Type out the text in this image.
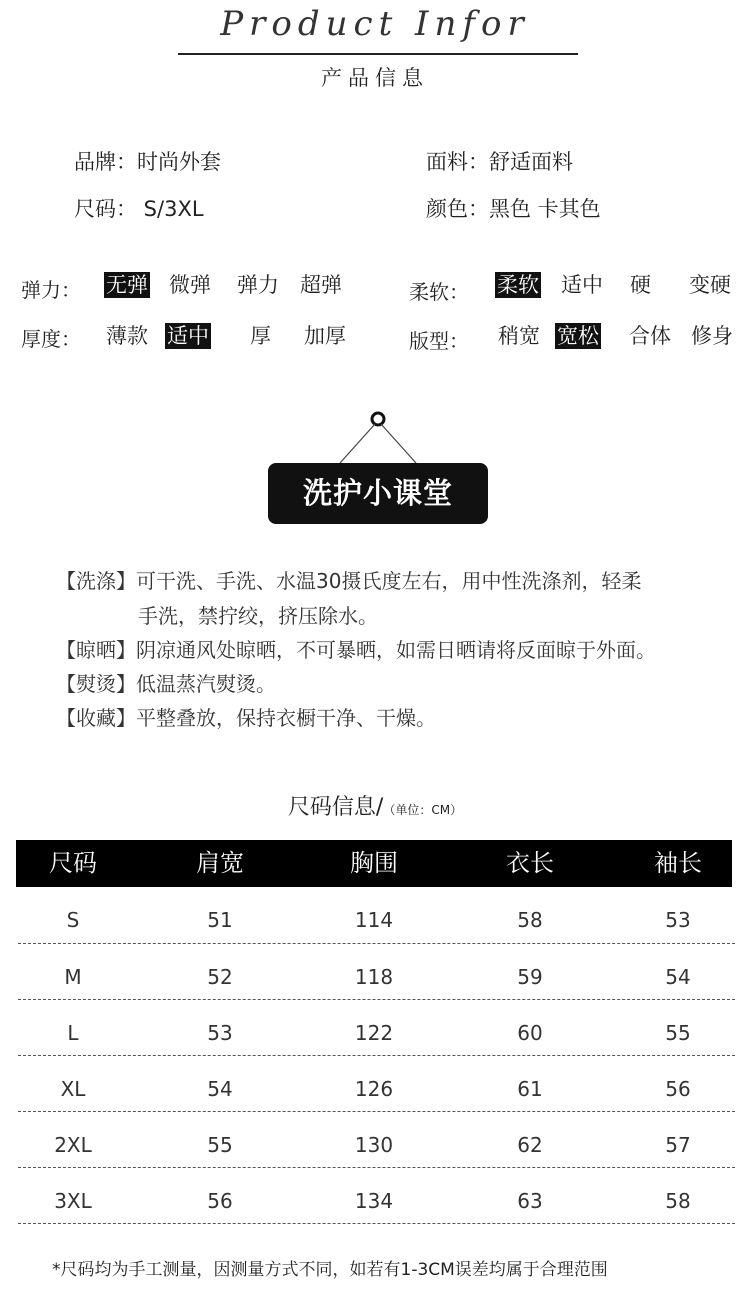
Product Infor
产品信息
品牌：时尚外套	面料：舒适面料
尺码： S/3XL	颜色：黑色 卡其色
弹力： 无弹 微弹 弹力 超弹	柔软： 柔软 适中 硬 变硬
厚度： 薄款 适中 厚 加厚	版型： 稍宽 宽松 合体 修身
洗护小课堂
【洗涤】可干洗、手洗、水温30摄氏度左右，用中性洗涤剂，轻柔
手洗，禁拧绞，挤压除水。
【晾晒】阴凉通风处晾晒，不可暴晒，如需日晒请将反面晾于外面。
【熨烫】低温蒸汽熨烫。
【收藏】平整叠放，保持衣橱干净、干燥。
尺码信息/（单位：CM）
尺码	肩宽	胸围	衣长	袖长
S	51	114	58	53
M	52	118	59	54
L	53	122	60	55
XL	54	126	61	56
2XL	55	130	62	57
3XL	56	134	63	58
*尺码均为手工测量，因测量方式不同，如若有1-3CM误差均属于合理范围
